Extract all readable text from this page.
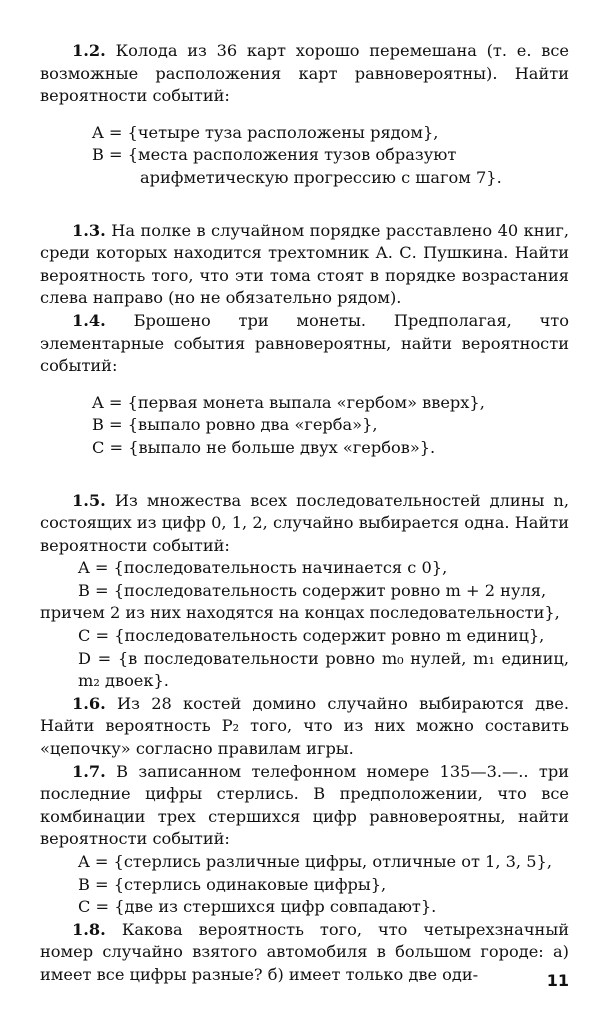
1.2. Колода из 36 карт хорошо перемешана (т. е. все возможные расположения карт равновероятны). Найти вероятности событий:

A = {четыре туза расположены рядом},
B = {места расположения тузов образуют
арифметическую прогрессию с шагом 7}.

1.3. На полке в случайном порядке расставлено 40 книг, среди которых находится трехтомник А. С. Пушкина. Найти вероятность того, что эти тома стоят в порядке возрастания слева направо (но не обязательно рядом).

1.4. Брошено три монеты. Предполагая, что элементарные события равновероятны, найти вероятности событий:

A = {первая монета выпала «гербом» вверх},
B = {выпало ровно два «герба»},
C = {выпало не больше двух «гербов»}.

1.5. Из множества всех последовательностей длины n, состоящих из цифр 0, 1, 2, случайно выбирается одна. Найти вероятности событий:

A = {последовательность начинается с 0},

B = {последовательность содержит ровно m + 2 нуля,

причем 2 из них находятся на концах последовательности},

C = {последовательность содержит ровно m единиц},

D = {в последовательности ровно m₀ нулей, m₁ единиц, m₂ двоек}.

1.6. Из 28 костей домино случайно выбираются две. Найти вероятность P₂ того, что из них можно составить «цепочку» согласно правилам игры.

1.7. В записанном телефонном номере 135—3.—.. три последние цифры стерлись. В предположении, что все комбинации трех стершихся цифр равновероятны, найти вероятности событий:

A = {стерлись различные цифры, отличные от 1, 3, 5},
B = {стерлись одинаковые цифры},
C = {две из стершихся цифр совпадают}.

1.8. Какова вероятность того, что четырехзначный номер случайно взятого автомобиля в большом городе: а) имеет все цифры разные? б) имеет только две оди-	11
